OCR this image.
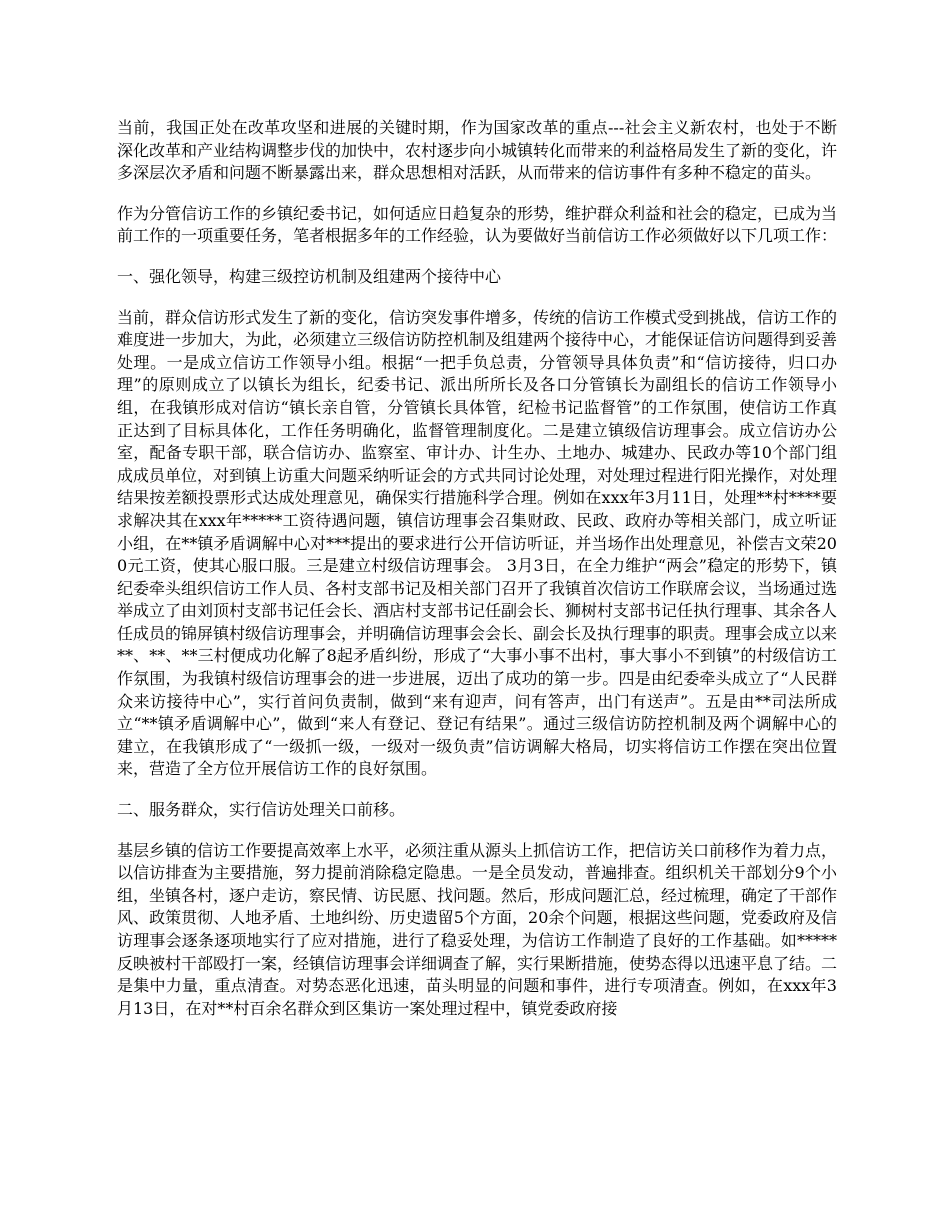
当前，我国正处在改革攻坚和进展的关键时期，作为国家改革的重点---社会主义新农村，也处于不断深化改革和产业结构调整步伐的加快中，农村逐步向小城镇转化而带来的利益格局发生了新的变化，许多深层次矛盾和问题不断暴露出来，群众思想相对活跃，从而带来的信访事件有多种不稳定的苗头。

作为分管信访工作的乡镇纪委书记，如何适应日趋复杂的形势，维护群众利益和社会的稳定，已成为当前工作的一项重要任务，笔者根据多年的工作经验，认为要做好当前信访工作必须做好以下几项工作：

一、强化领导，构建三级控访机制及组建两个接待中心

当前，群众信访形式发生了新的变化，信访突发事件增多，传统的信访工作模式受到挑战，信访工作的难度进一步加大，为此，必须建立三级信访防控机制及组建两个接待中心，才能保证信访问题得到妥善处理。一是成立信访工作领导小组。根据“一把手负总责，分管领导具体负责”和“信访接待，归口办理”的原则成立了以镇长为组长，纪委书记、派出所所长及各口分管镇长为副组长的信访工作领导小组，在我镇形成对信访“镇长亲自管，分管镇长具体管，纪检书记监督管”的工作氛围，使信访工作真正达到了目标具体化，工作任务明确化，监督管理制度化。二是建立镇级信访理事会。成立信访办公室，配备专职干部，联合信访办、监察室、审计办、计生办、土地办、城建办、民政办等10个部门组成成员单位，对到镇上访重大问题采纳听证会的方式共同讨论处理，对处理过程进行阳光操作，对处理结果按差额投票形式达成处理意见，确保实行措施科学合理。例如在xxx年3月11日，处理**村****要求解决其在xxx年*****工资待遇问题，镇信访理事会召集财政、民政、政府办等相关部门，成立听证小组，在**镇矛盾调解中心对***提出的要求进行公开信访听证，并当场作出处理意见，补偿吉文荣200元工资，使其心服口服。三是建立村级信访理事会。 3月3日，在全力维护“两会”稳定的形势下，镇纪委牵头组织信访工作人员、各村支部书记及相关部门召开了我镇首次信访工作联席会议，当场通过选举成立了由刘顶村支部书记任会长、酒店村支部书记任副会长、狮树村支部书记任执行理事、其余各人任成员的锦屏镇村级信访理事会，并明确信访理事会会长、副会长及执行理事的职责。理事会成立以来**、**、**三村便成功化解了8起矛盾纠纷，形成了“大事小事不出村，事大事小不到镇”的村级信访工作氛围，为我镇村级信访理事会的进一步进展，迈出了成功的第一步。四是由纪委牵头成立了“人民群众来访接待中心”，实行首问负责制，做到“来有迎声，问有答声，出门有送声”。五是由**司法所成立“**镇矛盾调解中心”，做到“来人有登记、登记有结果”。通过三级信访防控机制及两个调解中心的建立，在我镇形成了“一级抓一级，一级对一级负责”信访调解大格局，切实将信访工作摆在突出位置来，营造了全方位开展信访工作的良好氛围。

二、服务群众，实行信访处理关口前移。

基层乡镇的信访工作要提高效率上水平，必须注重从源头上抓信访工作，把信访关口前移作为着力点，以信访排查为主要措施，努力提前消除稳定隐患。一是全员发动，普遍排查。组织机关干部划分9个小组，坐镇各村，逐户走访，察民情、访民愿、找问题。然后，形成问题汇总，经过梳理，确定了干部作风、政策贯彻、人地矛盾、土地纠纷、历史遗留5个方面，20余个问题，根据这些问题，党委政府及信访理事会逐条逐项地实行了应对措施，进行了稳妥处理，为信访工作制造了良好的工作基础。如*****反映被村干部殴打一案，经镇信访理事会详细调查了解，实行果断措施，使势态得以迅速平息了结。二是集中力量，重点清查。对势态恶化迅速，苗头明显的问题和事件，进行专项清查。例如，在xxx年3月13日，在对**村百余名群众到区集访一案处理过程中，镇党委政府接
